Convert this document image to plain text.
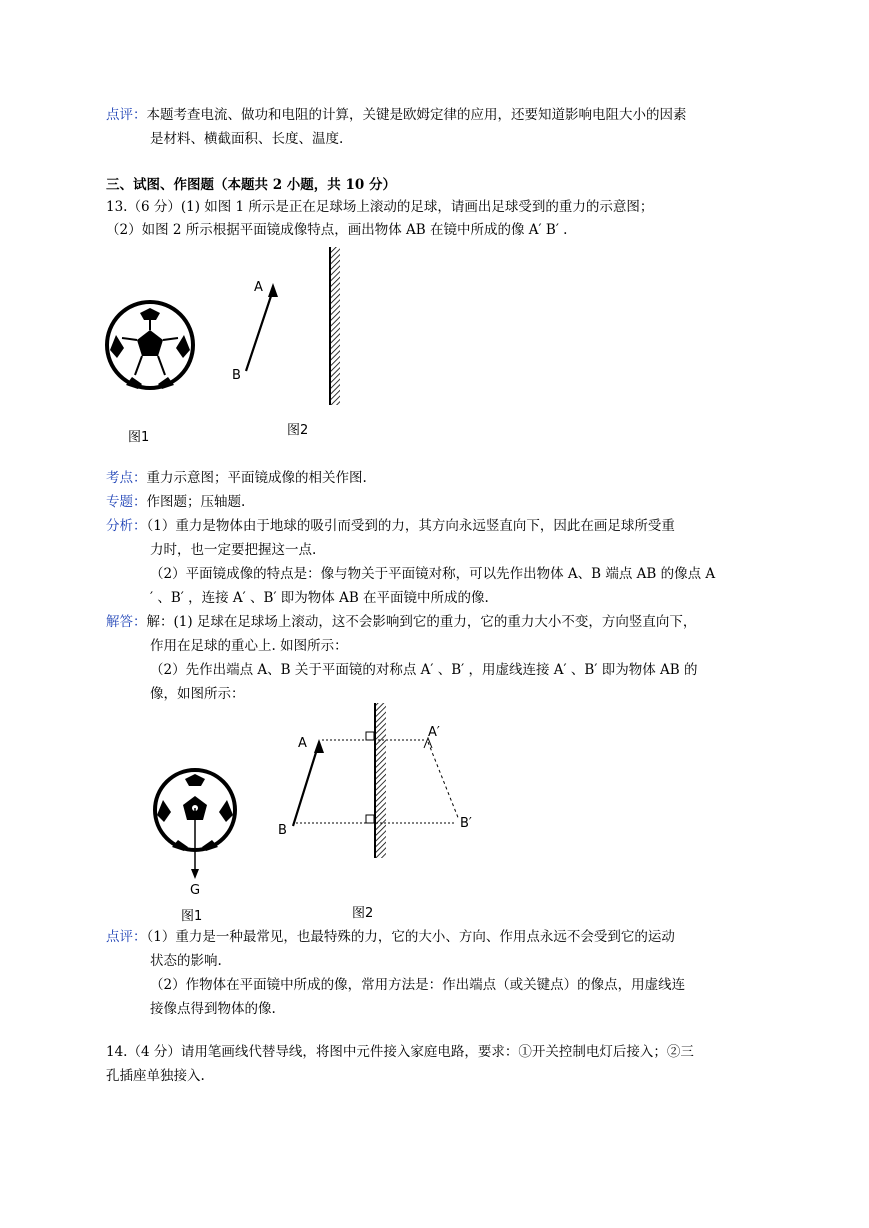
点评：本题考查电流、做功和电阻的计算，关键是欧姆定律的应用，还要知道影响电阻大小的因素
是材料、横截面积、长度、温度.
三、试图、作图题（本题共 2 小题，共 10 分）
13.（6 分）(1) 如图 1 所示是正在足球场上滚动的足球，请画出足球受到的重力的示意图；
（2）如图 2 所示根据平面镜成像特点，画出物体 AB 在镜中所成的像 A′ B′ .
A
B
图1	图2
考点：重力示意图；平面镜成像的相关作图.
专题：作图题；压轴题.
分析：（1）重力是物体由于地球的吸引而受到的力，其方向永远竖直向下，因此在画足球所受重
力时，也一定要把握这一点.
（2）平面镜成像的特点是：像与物关于平面镜对称，可以先作出物体 A、B 端点 AB 的像点 A
′ 、B′ ，连接 A′ 、B′ 即为物体 AB 在平面镜中所成的像.
解答：解：(1) 足球在足球场上滚动，这不会影响到它的重力，它的重力大小不变，方向竖直向下，
作用在足球的重心上. 如图所示：
（2）先作出端点 A、B 关于平面镜的对称点 A′ 、B′ ，用虚线连接 A′ 、B′ 即为物体 AB 的
像，如图所示：
G
A
B
A′
B′
图1	图2
点评：（1）重力是一种最常见，也最特殊的力，它的大小、方向、作用点永远不会受到它的运动
状态的影响.
（2）作物体在平面镜中所成的像，常用方法是：作出端点（或关键点）的像点，用虚线连
接像点得到物体的像.
14.（4 分）请用笔画线代替导线，将图中元件接入家庭电路，要求：①开关控制电灯后接入；②三
孔插座单独接入.
